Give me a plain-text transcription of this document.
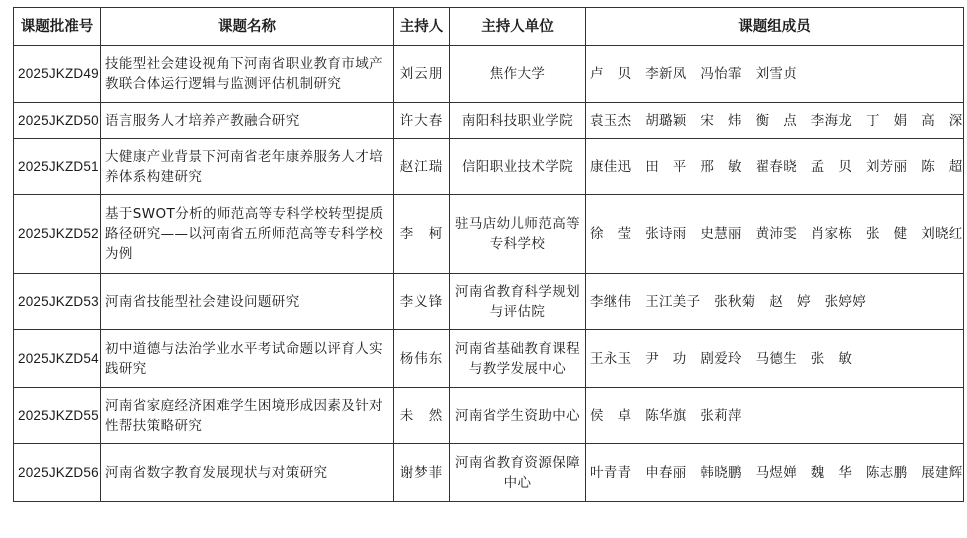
课题批准号	课题名称	主持人	主持人单位	课题组成员
2025JKZD49	技能型社会建设视角下河南省职业教育市域产教联合体运行逻辑与监测评估机制研究	刘云朋	焦作大学	卢　贝　李新凤　冯怡霏　刘雪贞
2025JKZD50	语言服务人才培养产教融合研究	许大春	南阳科技职业学院	袁玉杰　胡璐颖　宋　炜　衡　点　李海龙　丁　娟　高　深
2025JKZD51	大健康产业背景下河南省老年康养服务人才培养体系构建研究	赵江瑞	信阳职业技术学院	康佳迅　田　平　邢　敏　翟春晓　孟　贝　刘芳丽　陈　超
2025JKZD52	基于SWOT分析的师范高等专科学校转型提质路径研究——以河南省五所师范高等专科学校为例	李　柯	驻马店幼儿师范高等专科学校	徐　莹　张诗雨　史慧丽　黄沛雯　肖家栋　张　健　刘晓红
2025JKZD53	河南省技能型社会建设问题研究	李义锋	河南省教育科学规划与评估院	李继伟　王江美子　张秋菊　赵　婷　张婷婷
2025JKZD54	初中道德与法治学业水平考试命题以评育人实践研究	杨伟东	河南省基础教育课程与教学发展中心	王永玉　尹　功　剧爱玲　马德生　张　敏
2025JKZD55	河南省家庭经济困难学生困境形成因素及针对性帮扶策略研究	未　然	河南省学生资助中心	侯　卓　陈华旗　张莉萍
2025JKZD56	河南省数字教育发展现状与对策研究	谢梦菲	河南省教育资源保障中心	叶青青　申春丽　韩晓鹏　马煜婵　魏　华　陈志鹏　展建辉
